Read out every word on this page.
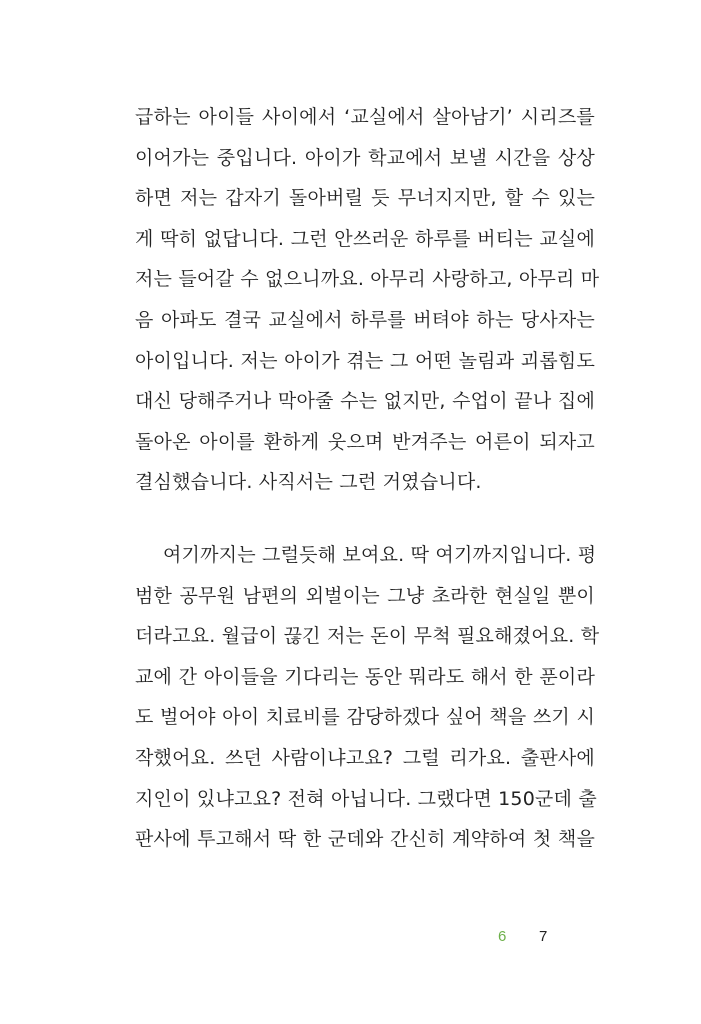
급하는 아이들 사이에서 ‘교실에서 살아남기’ 시리즈를
이어가는 중입니다. 아이가 학교에서 보낼 시간을 상상
하면 저는 갑자기 돌아버릴 듯 무너지지만, 할 수 있는
게 딱히 없답니다. 그런 안쓰러운 하루를 버티는 교실에
저는 들어갈 수 없으니까요. 아무리 사랑하고, 아무리 마
음 아파도 결국 교실에서 하루를 버텨야 하는 당사자는
아이입니다. 저는 아이가 겪는 그 어떤 놀림과 괴롭힘도
대신 당해주거나 막아줄 수는 없지만, 수업이 끝나 집에
돌아온 아이를 환하게 웃으며 반겨주는 어른이 되자고
결심했습니다. 사직서는 그런 거였습니다.
여기까지는 그럴듯해 보여요. 딱 여기까지입니다. 평
범한 공무원 남편의 외벌이는 그냥 초라한 현실일 뿐이
더라고요. 월급이 끊긴 저는 돈이 무척 필요해졌어요. 학
교에 간 아이들을 기다리는 동안 뭐라도 해서 한 푼이라
도 벌어야 아이 치료비를 감당하겠다 싶어 책을 쓰기 시
작했어요. 쓰던 사람이냐고요? 그럴 리가요. 출판사에
지인이 있냐고요? 전혀 아닙니다. 그랬다면 150군데 출
판사에 투고해서 딱 한 군데와 간신히 계약하여 첫 책을
6 7
